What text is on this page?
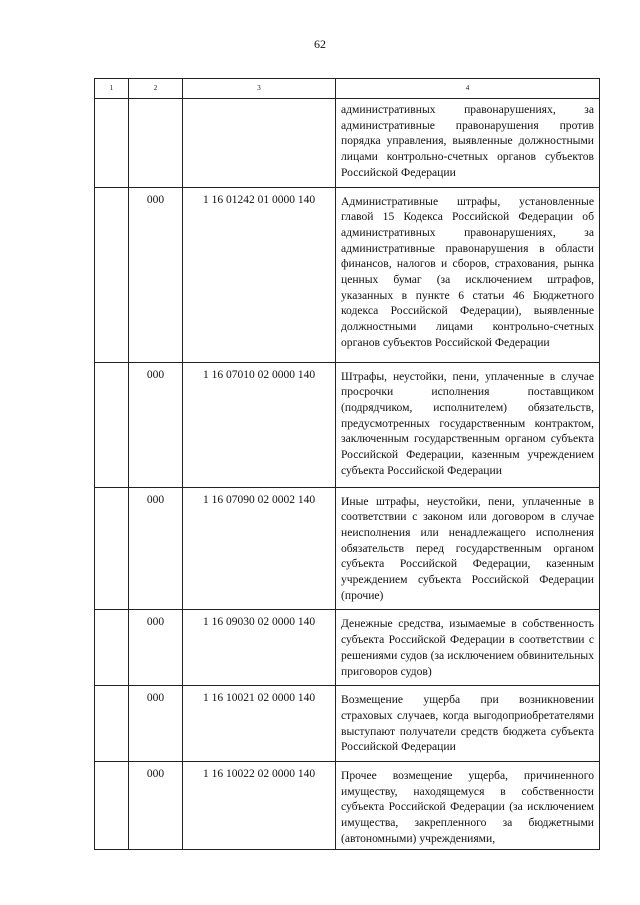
62
1	2	3	4

			административных правонарушениях, за административные правонарушения против порядка управления, выявленные должностными лицами контрольно-счетных органов субъектов Российской Федерации

	000	1 16 01242 01 0000 140	Административные штрафы, установленные главой 15 Кодекса Российской Федерации об административных правонарушениях, за административные правонарушения в области финансов, налогов и сборов, страхования, рынка ценных бумаг (за исключением штрафов, указанных в пункте 6 статьи 46 Бюджетного кодекса Российской Федерации), выявленные должностными лицами контрольно-счетных органов субъектов Российской Федерации

	000	1 16 07010 02 0000 140	Штрафы, неустойки, пени, уплаченные в случае просрочки исполнения поставщиком (подрядчиком, исполнителем) обязательств, предусмотренных государственным контрактом, заключенным государственным органом субъекта Российской Федерации, казенным учреждением субъекта Российской Федерации

	000	1 16 07090 02 0002 140	Иные штрафы, неустойки, пени, уплаченные в соответствии с законом или договором в случае неисполнения или ненадлежащего исполнения обязательств перед государственным органом субъекта Российской Федерации, казенным учреждением субъекта Российской Федерации (прочие)

	000	1 16 09030 02 0000 140	Денежные средства, изымаемые в собственность субъекта Российской Федерации в соответствии с решениями судов (за исключением обвинительных приговоров судов)

	000	1 16 10021 02 0000 140	Возмещение ущерба при возникновении страховых случаев, когда выгодоприобретателями выступают получатели средств бюджета субъекта Российской Федерации

	000	1 16 10022 02 0000 140	Прочее возмещение ущерба, причиненного имуществу, находящемуся в собственности субъекта Российской Федерации (за исключением имущества, закрепленного за бюджетными (автономными) учреждениями,
